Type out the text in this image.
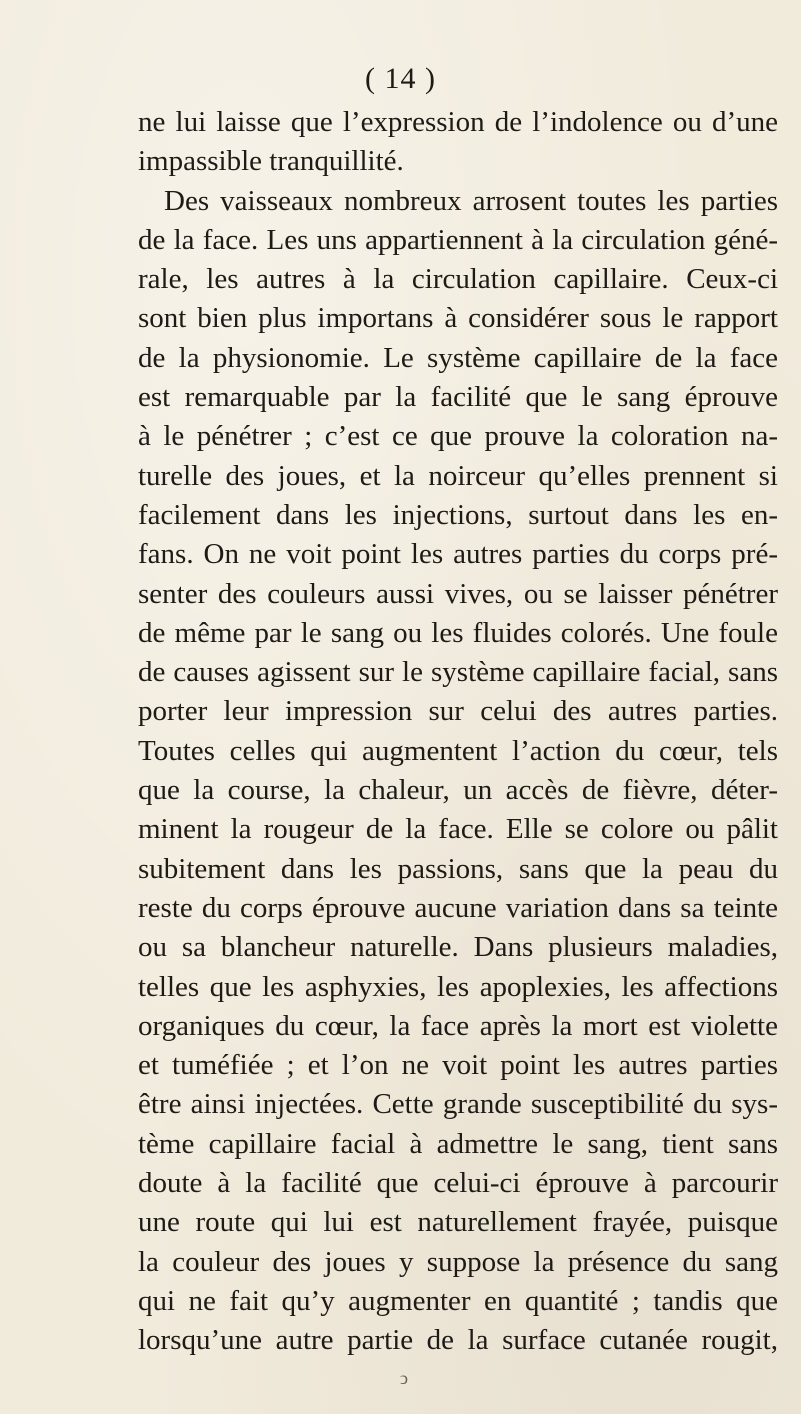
( 14 )
ne lui laisse que l’expression de l’indolence ou d’une
impassible tranquillité.
Des vaisseaux nombreux arrosent toutes les parties
de la face. Les uns appartiennent à la circulation géné-
rale, les autres à la circulation capillaire. Ceux-ci
sont bien plus importans à considérer sous le rapport
de la physionomie. Le système capillaire de la face
est remarquable par la facilité que le sang éprouve
à le pénétrer ; c’est ce que prouve la coloration na-
turelle des joues, et la noirceur qu’elles prennent si
facilement dans les injections, surtout dans les en-
fans. On ne voit point les autres parties du corps pré-
senter des couleurs aussi vives, ou se laisser pénétrer
de même par le sang ou les fluides colorés. Une foule
de causes agissent sur le système capillaire facial, sans
porter leur impression sur celui des autres parties.
Toutes celles qui augmentent l’action du cœur, tels
que la course, la chaleur, un accès de fièvre, déter-
minent la rougeur de la face. Elle se colore ou pâlit
subitement dans les passions, sans que la peau du
reste du corps éprouve aucune variation dans sa teinte
ou sa blancheur naturelle. Dans plusieurs maladies,
telles que les asphyxies, les apoplexies, les affections
organiques du cœur, la face après la mort est violette
et tuméfiée ; et l’on ne voit point les autres parties
être ainsi injectées. Cette grande susceptibilité du sys-
tème capillaire facial à admettre le sang, tient sans
doute à la facilité que celui-ci éprouve à parcourir
une route qui lui est naturellement frayée, puisque
la couleur des joues y suppose la présence du sang
qui ne fait qu’y augmenter en quantité ; tandis que
lorsqu’une autre partie de la surface cutanée rougit,
ↄ
